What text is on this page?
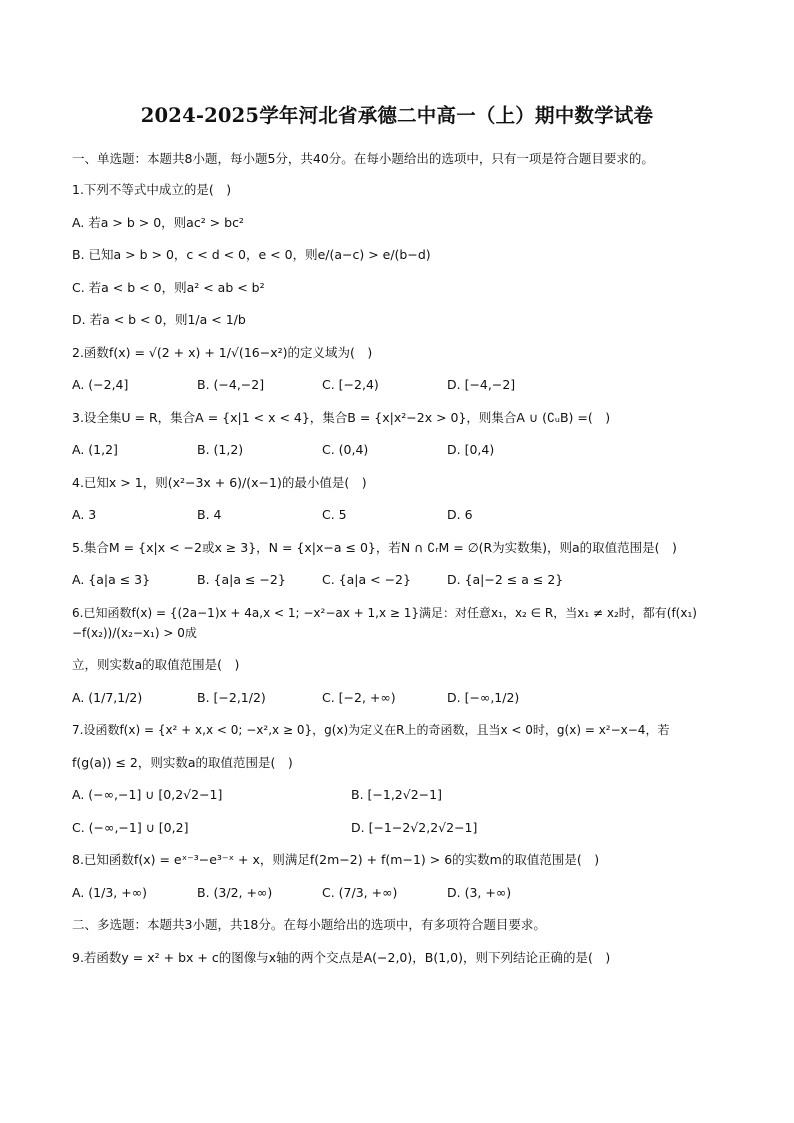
2024-2025学年河北省承德二中高一（上）期中数学试卷
一、单选题：本题共8小题，每小题5分，共40分。在每小题给出的选项中，只有一项是符合题目要求的。
1.下列不等式中成立的是(　)
A. 若a > b > 0，则ac² > bc²
B. 已知a > b > 0，c < d < 0，e < 0，则e/(a−c) > e/(b−d)
C. 若a < b < 0，则a² < ab < b²
D. 若a < b < 0，则1/a < 1/b
2.函数f(x) = √(2 + x) + 1/√(16−x²)的定义域为(　)
A. (−2,4]	B. (−4,−2]	C. [−2,4)	D. [−4,−2]
3.设全集U = R，集合A = {x|1 < x < 4}，集合B = {x|x²−2x > 0}，则集合A ∪ (∁ᵤB) =(　)
A. (1,2]	B. (1,2)	C. (0,4)	D. [0,4)
4.已知x > 1，则(x²−3x + 6)/(x−1)的最小值是(　)
A. 3	B. 4	C. 5	D. 6
5.集合M = {x|x < −2或x ≥ 3}，N = {x|x−a ≤ 0}，若N ∩ ∁ᵣM = ∅(R为实数集)，则a的取值范围是(　)
A. {a|a ≤ 3}	B. {a|a ≤ −2}	C. {a|a < −2}	D. {a|−2 ≤ a ≤ 2}
6.已知函数f(x) = {(2a−1)x + 4a,x < 1; −x²−ax + 1,x ≥ 1}满足：对任意x₁，x₂ ∈ R，当x₁ ≠ x₂时，都有(f(x₁)−f(x₂))/(x₂−x₁) > 0成
立，则实数a的取值范围是(　)
A. (1/7,1/2)	B. [−2,1/2)	C. [−2, +∞)	D. [−∞,1/2)
7.设函数f(x) = {x² + x,x < 0; −x²,x ≥ 0}，g(x)为定义在R上的奇函数，且当x < 0时，g(x) = x²−x−4，若
f(g(a)) ≤ 2，则实数a的取值范围是(　)
A. (−∞,−1] ∪ [0,2√2−1]	B. [−1,2√2−1]
C. (−∞,−1] ∪ [0,2]	D. [−1−2√2,2√2−1]
8.已知函数f(x) = eˣ⁻³−e³⁻ˣ + x，则满足f(2m−2) + f(m−1) > 6的实数m的取值范围是(　)
A. (1/3, +∞)	B. (3/2, +∞)	C. (7/3, +∞)	D. (3, +∞)
二、多选题：本题共3小题，共18分。在每小题给出的选项中，有多项符合题目要求。
9.若函数y = x² + bx + c的图像与x轴的两个交点是A(−2,0)，B(1,0)，则下列结论正确的是(　)
